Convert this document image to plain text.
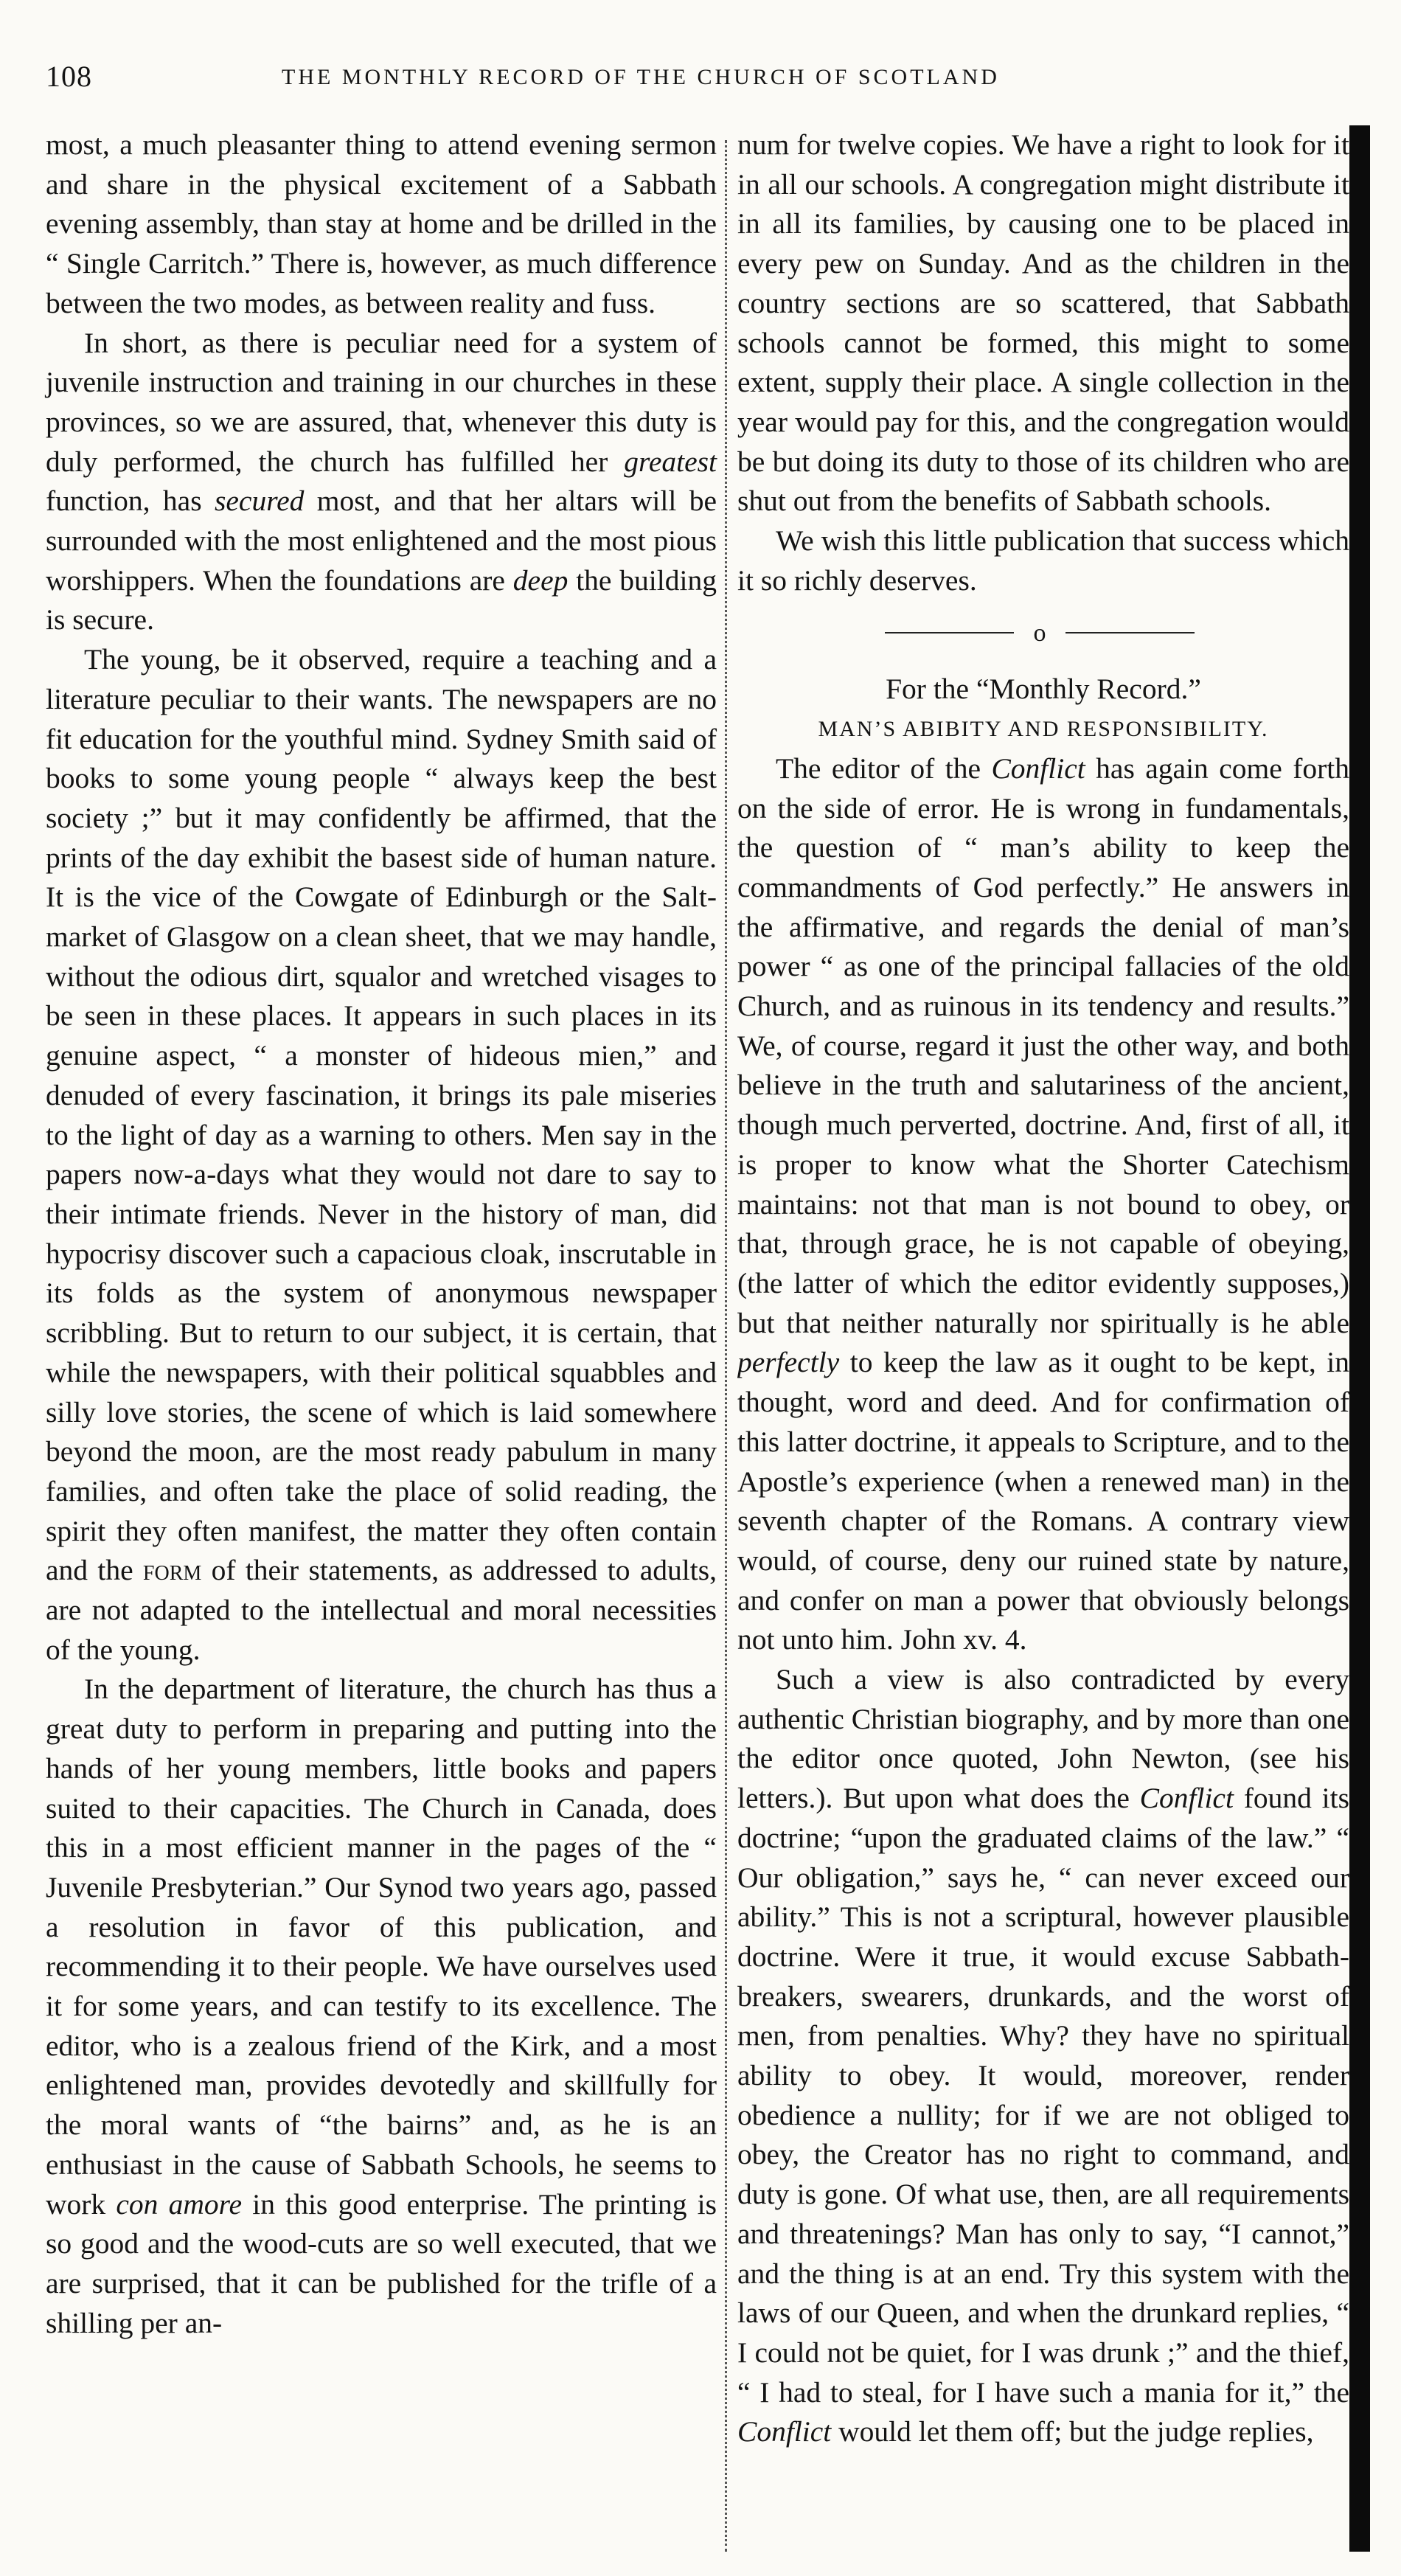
108	THE MONTHLY RECORD OF THE CHURCH OF SCOTLAND

most, a much pleasanter thing to attend evening sermon and share in the physical excitement of a Sabbath evening assembly, than stay at home and be drilled in the “ Single Carritch.” There is, however, as much difference between the two modes, as between reality and fuss.

In short, as there is peculiar need for a system of juvenile instruction and training in our churches in these provinces, so we are assured, that, whenever this duty is duly performed, the church has fulfilled her greatest function, has secured most, and that her altars will be surrounded with the most enlightened and the most pious worshippers. When the foundations are deep the building is secure.

The young, be it observed, require a teaching and a literature peculiar to their wants. The newspapers are no fit education for the youthful mind. Sydney Smith said of books to some young people “ always keep the best society ;” but it may confidently be affirmed, that the prints of the day exhibit the basest side of human nature. It is the vice of the Cowgate of Edinburgh or the Salt-market of Glasgow on a clean sheet, that we may handle, without the odious dirt, squalor and wretched visages to be seen in these places. It appears in such places in its genuine aspect, “ a monster of hideous mien,” and denuded of every fascination, it brings its pale miseries to the light of day as a warning to others. Men say in the papers now-a-days what they would not dare to say to their intimate friends. Never in the history of man, did hypocrisy discover such a capacious cloak, inscrutable in its folds as the system of anonymous newspaper scribbling. But to return to our subject, it is certain, that while the newspapers, with their political squabbles and silly love stories, the scene of which is laid somewhere beyond the moon, are the most ready pabulum in many families, and often take the place of solid reading, the spirit they often manifest, the matter they often contain and the form of their statements, as addressed to adults, are not adapted to the intellectual and moral necessities of the young.

In the department of literature, the church has thus a great duty to perform in preparing and putting into the hands of her young members, little books and papers suited to their capacities. The Church in Canada, does this in a most efficient manner in the pages of the “ Juvenile Presbyterian.” Our Synod two years ago, passed a resolution in favor of this publication, and recommending it to their people. We have ourselves used it for some years, and can testify to its excellence. The editor, who is a zealous friend of the Kirk, and a most enlightened man, provides devotedly and skillfully for the moral wants of “the bairns” and, as he is an enthusiast in the cause of Sabbath Schools, he seems to work con amore in this good enterprise. The printing is so good and the wood-cuts are so well executed, that we are surprised, that it can be published for the trifle of a shilling per an-

num for twelve copies. We have a right to look for it in all our schools. A congregation might distribute it in all its families, by causing one to be placed in every pew on Sunday. And as the children in the country sections are so scattered, that Sabbath schools cannot be formed, this might to some extent, supply their place. A single collection in the year would pay for this, and the congregation would be but doing its duty to those of its children who are shut out from the benefits of Sabbath schools.

We wish this little publication that success which it so richly deserves.

o

For the “Monthly Record.”

MAN’S ABIBITY AND RESPONSIBILITY.

The editor of the Conflict has again come forth on the side of error. He is wrong in fundamentals, the question of “ man’s ability to keep the commandments of God perfectly.” He answers in the affirmative, and regards the denial of man’s power “ as one of the principal fallacies of the old Church, and as ruinous in its tendency and results.” We, of course, regard it just the other way, and both believe in the truth and salutariness of the ancient, though much perverted, doctrine. And, first of all, it is proper to know what the Shorter Catechism maintains: not that man is not bound to obey, or that, through grace, he is not capable of obeying, (the latter of which the editor evidently supposes,) but that neither naturally nor spiritually is he able perfectly to keep the law as it ought to be kept, in thought, word and deed. And for confirmation of this latter doctrine, it appeals to Scripture, and to the Apostle’s experience (when a renewed man) in the seventh chapter of the Romans. A contrary view would, of course, deny our ruined state by nature, and confer on man a power that obviously belongs not unto him. John xv. 4.

Such a view is also contradicted by every authentic Christian biography, and by more than one the editor once quoted, John Newton, (see his letters.). But upon what does the Conflict found its doctrine; “upon the graduated claims of the law.” “ Our obligation,” says he, “ can never exceed our ability.” This is not a scriptural, however plausible doctrine. Were it true, it would excuse Sabbath-breakers, swearers, drunkards, and the worst of men, from penalties. Why? they have no spiritual ability to obey. It would, moreover, render obedience a nullity; for if we are not obliged to obey, the Creator has no right to command, and duty is gone. Of what use, then, are all requirements and threatenings? Man has only to say, “I cannot,” and the thing is at an end. Try this system with the laws of our Queen, and when the drunkard replies, “ I could not be quiet, for I was drunk ;” and the thief, “ I had to steal, for I have such a mania for it,” the Conflict would let them off; but the judge replies,
